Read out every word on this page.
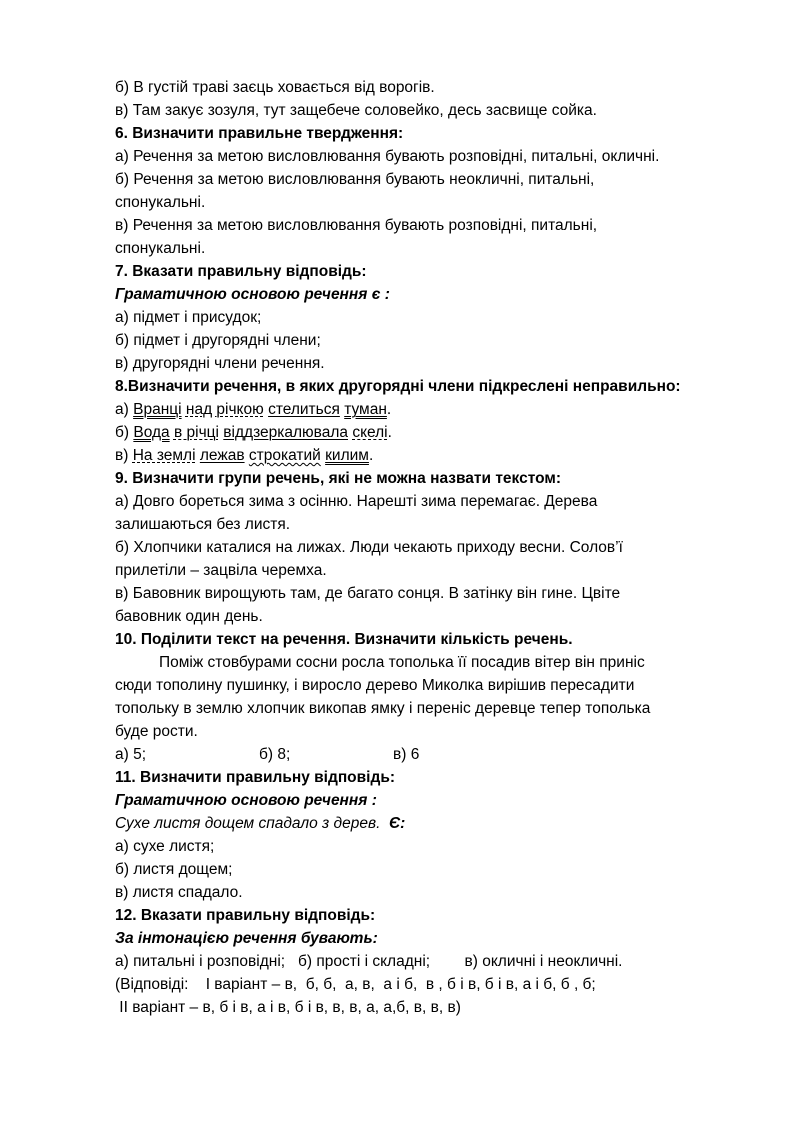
б) В густій траві заєць ховається від ворогів.
в) Там закує зозуля, тут защебече соловейко, десь засвище сойка.
6. Визначити правильне твердження:
а) Речення за метою висловлювання бувають розповідні, питальні, окличні.
б) Речення за метою висловлювання бувають неокличні, питальні,
спонукальні.
в) Речення за метою висловлювання бувають розповідні, питальні,
спонукальні.
7. Вказати правильну відповідь:
Граматичною основою речення є :
а) підмет і присудок;
б) підмет і другорядні члени;
в) другорядні члени речення.
8.Визначити речення, в яких другорядні члени підкреслені неправильно:
а) Вранці над річкою стелиться туман.
б) Вода в річці віддзеркалювала скелі.
в) На землі лежав строкатий килим.
9. Визначити групи речень, які не можна назвати текстом:
а) Довго бореться зима з осінню. Нарешті зима перемагає. Дерева
залишаються без листя.
б) Хлопчики каталися на лижах. Люди чекають приходу весни. Солов’ї
прилетіли – зацвіла черемха.
в) Бавовник вирощують там, де багато сонця. В затінку він гине. Цвіте
бавовник один день.
10. Поділити текст на речення. Визначити кількість речень.
Поміж стовбурами сосни росла тополька її посадив вітер він приніс
сюди тополину пушинку, і виросло дерево Миколка вирішив пересадити
топольку в землю хлопчик викопав ямку і переніс деревце тепер тополька
буде рости.
а) 5;	б) 8;	в) 6
11. Визначити правильну відповідь:
Граматичною основою речення :
Сухе листя дощем спадало з дерев. Є:
а) сухе листя;
б) листя дощем;
в) листя спадало.
12. Вказати правильну відповідь:
За інтонацією речення бувають:
а) питальні і розповідні; б) прості і складні; в) окличні і неокличні.
(Відповіді:    І варіант – в,  б, б,  а, в,  а і б,  в , б і в, б і в, а і б, б , б;
ІІ варіант – в, б і в, а і в, б і в, в, в, а, а,б, в, в, в)
